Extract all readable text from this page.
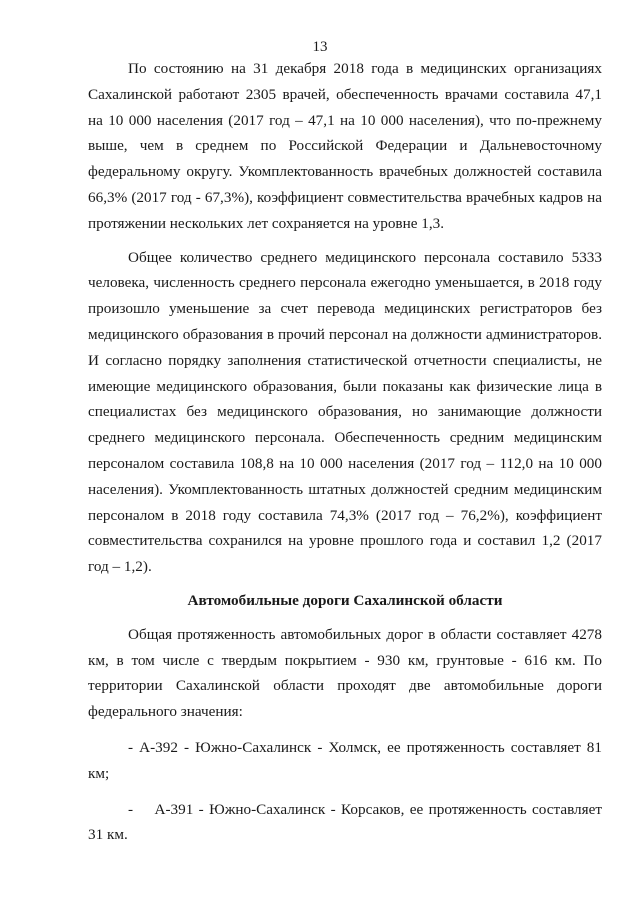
13

По состоянию на 31 декабря 2018 года в медицинских организациях Сахалинской работают 2305 врачей, обеспеченность врачами составила 47,1 на 10 000 населения (2017 год – 47,1 на 10 000 населения), что по-прежнему выше, чем в среднем по Российской Федерации и Дальневосточному федеральному округу. Укомплектованность врачебных должностей составила 66,3% (2017 год - 67,3%), коэффициент совместительства врачебных кадров на протяжении нескольких лет сохраняется на уровне 1,3.

Общее количество среднего медицинского персонала составило 5333 человека, численность среднего персонала ежегодно уменьшается, в 2018 году произошло уменьшение за счет перевода медицинских регистраторов без медицинского образования в прочий персонал на должности администраторов. И согласно порядку заполнения статистической отчетности специалисты, не имеющие медицинского образования, были показаны как физические лица в специалистах без медицинского образования, но занимающие должности среднего медицинского персонала. Обеспеченность средним медицинским персоналом составила 108,8 на 10 000 населения (2017 год – 112,0 на 10 000 населения). Укомплектованность штатных должностей средним медицинским персоналом в 2018 году составила 74,3% (2017 год – 76,2%), коэффициент совместительства сохранился на уровне прошлого года и составил 1,2 (2017 год – 1,2).

Автомобильные дороги Сахалинской области

Общая протяженность автомобильных дорог в области составляет 4278 км, в том числе с твердым покрытием - 930 км, грунтовые - 616 км. По территории Сахалинской области проходят две автомобильные дороги федерального значения:

- А-392 - Южно-Сахалинск - Холмск, ее протяженность составляет 81 км;

-    А-391 - Южно-Сахалинск - Корсаков, ее протяженность составляет 31 км.
